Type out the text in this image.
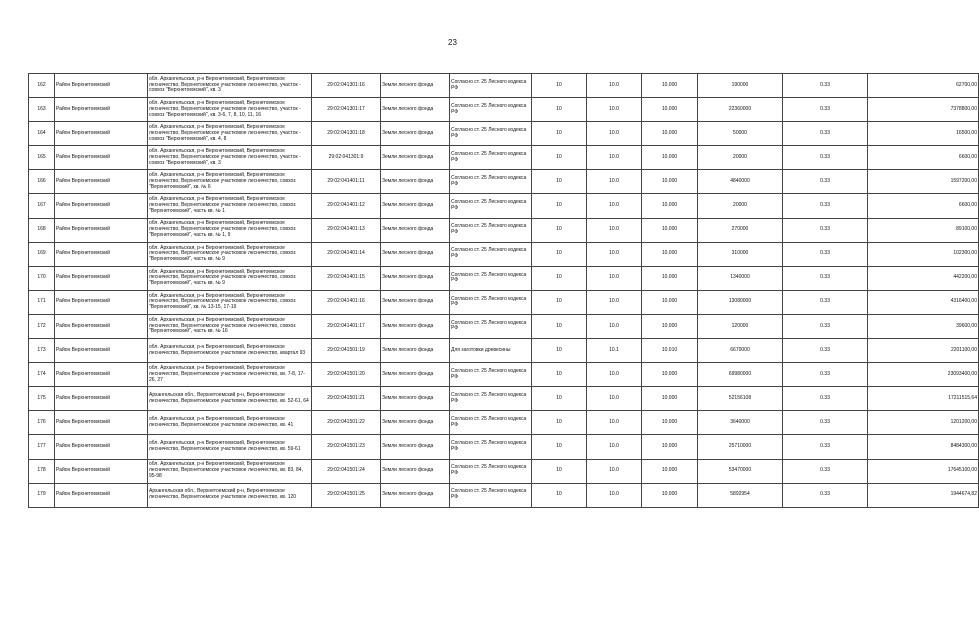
23
162	Район Верхнетоемский	обл. Архангельская, р-н Верхнетоемский, Верхнетоемское лесничество, Верхнетоемское участковое лесничество, участок - совхоз "Верхнетоемский", кв. 3	29:02:041301:16	Земли лесного фонда	Согласно ст. 25 Лесного кодекса РФ	10	10.0	10.000	190000	0.33	62700,00
163	Район Верхнетоемский	обл. Архангельская, р-н Верхнетоемский, Верхнетоемское лесничество, Верхнетоемское участковое лесничество, участок - совхоз "Верхнетоемский", кв. 3-6, 7, 8, 10, 11, 16	29:02:041301:17	Земли лесного фонда	Согласно ст. 25 Лесного кодекса РФ	10	10.0	10.000	22360000	0.33	7378800,00
164	Район Верхнетоемский	обл. Архангельская, р-н Верхнетоемский, Верхнетоемское лесничество, Верхнетоемское участковое лесничество, участок - совхоз "Верхнетоемский", кв. 4, 8	29:02:041301:18	Земли лесного фонда	Согласно ст. 25 Лесного кодекса РФ	10	10.0	10.000	50000	0.33	16500,00
165	Район Верхнетоемский	обл. Архангельская, р-н Верхнетоемский, Верхнетоемское лесничество, Верхнетоемское участковое лесничество, участок - совхоз "Верхнетоемский", кв. 3	29:02:041301:9	Земли лесного фонда	Согласно ст. 25 Лесного кодекса РФ	10	10.0	10.000	20000	0.33	6600,00
166	Район Верхнетоемский	обл. Архангельская, р-н Верхнетоемский, Верхнетоемское лесничество, Верхнетоемское участковое лесничество, совхоз "Верхнетоемский", кв. № 6	29:02:041401:11	Земли лесного фонда	Согласно ст. 25 Лесного кодекса РФ	10	10.0	10.000	4840000	0.33	1597200,00
167	Район Верхнетоемский	обл. Архангельская, р-н Верхнетоемский, Верхнетоемское лесничество, Верхнетоемское участковое лесничество, совхоз "Верхнетоемский", часть кв. № 1	29:02:041401:12	Земли лесного фонда	Согласно ст. 25 Лесного кодекса РФ	10	10.0	10.000	20000	0.33	6600,00
168	Район Верхнетоемский	обл. Архангельская, р-н Верхнетоемский, Верхнетоемское лесничество, Верхнетоемское участковое лесничество, совхоз "Верхнетоемский", часть кв. № 1, 9	29:02:041401:13	Земли лесного фонда	Согласно ст. 25 Лесного кодекса РФ	10	10.0	10.000	270000	0.33	89100,00
169	Район Верхнетоемский	обл. Архангельская, р-н Верхнетоемский, Верхнетоемское лесничество, Верхнетоемское участковое лесничество, совхоз "Верхнетоемский", часть кв. № 9	29:02:041401:14	Земли лесного фонда	Согласно ст. 25 Лесного кодекса РФ	10	10.0	10.000	310000	0.33	102300,00
170	Район Верхнетоемский	обл. Архангельская, р-н Верхнетоемский, Верхнетоемское лесничество, Верхнетоемское участковое лесничество, совхоз "Верхнетоемский", часть кв. № 9	29:02:041401:15	Земли лесного фонда	Согласно ст. 25 Лесного кодекса РФ	10	10.0	10.000	1340000	0.33	442200,00
171	Район Верхнетоемский	обл. Архангельская, р-н Верхнетоемский, Верхнетоемское лесничество, Верхнетоемское участковое лесничество, совхоз "Верхнетоемский", кв. № 13-15, 17-19	29:02:041401:16	Земли лесного фонда	Согласно ст. 25 Лесного кодекса РФ	10	10.0	10.000	13080000	0.33	4316400,00
172	Район Верхнетоемский	обл. Архангельская, р-н Верхнетоемский, Верхнетоемское лесничество, Верхнетоемское участковое лесничество, совхоз "Верхнетоемский", часть кв. № 16	29:02:041401:17	Земли лесного фонда	Согласно ст. 25 Лесного кодекса РФ	10	10.0	10.000	120000	0.33	39600,00
173	Район Верхнетоемский	обл. Архангельская, р-н Верхнетоемский, Верхнетоемское лесничество, Верхнетоемское участковое лесничество, квартал 93	29:02:041501:19	Земли лесного фонда	Для заготовки древесины	10	10.1	10.010	6670000	0.33	2201100,00
174	Район Верхнетоемский	обл. Архангельская, р-н Верхнетоемский, Верхнетоемское лесничество, Верхнетоемское участковое лесничество, кв. 7-8, 17-26, 27	29:02:041501:20	Земли лесного фонда	Согласно ст. 25 Лесного кодекса РФ	10	10.0	10.000	69980000	0.33	23093400,00
175	Район Верхнетоемский	Архангельская обл., Верхнетоемский р-н, Верхнетоемское лесничество, Верхнетоемское участковое лесничество, кв. 52-61, 64	29:02:041501:21	Земли лесного фонда	Согласно ст. 25 Лесного кодекса РФ	10	10.0	10.000	52156108	0.33	17211515,64
176	Район Верхнетоемский	обл. Архангельская, р-н Верхнетоемский, Верхнетоемское лесничество, Верхнетоемское участковое лесничество, кв. 41	29:02:041501:22	Земли лесного фонда	Согласно ст. 25 Лесного кодекса РФ	10	10.0	10.000	3640000	0.33	1201200,00
177	Район Верхнетоемский	обл. Архангельская, р-н Верхнетоемский, Верхнетоемское лесничество, Верхнетоемское участковое лесничество, кв. 59-61	29:02:041501:23	Земли лесного фонда	Согласно ст. 25 Лесного кодекса РФ	10	10.0	10.000	25710000	0.33	8484300,00
178	Район Верхнетоемский	обл. Архангельская, р-н Верхнетоемский, Верхнетоемское лесничество, Верхнетоемское участковое лесничество, кв. 83, 84, 95-98	29:02:041501:24	Земли лесного фонда	Согласно ст. 25 Лесного кодекса РФ	10	10.0	10.000	53470000	0.33	17645100,00
179	Район Верхнетоемский	Архангельская обл., Верхнетоемский р-н, Верхнетоемское лесничество, Верхнетоемское участковое лесничество, кв. 120	29:02:041501:25	Земли лесного фонда	Согласно ст. 25 Лесного кодекса РФ	10	10.0	10.000	5892954	0.33	1944674,82
